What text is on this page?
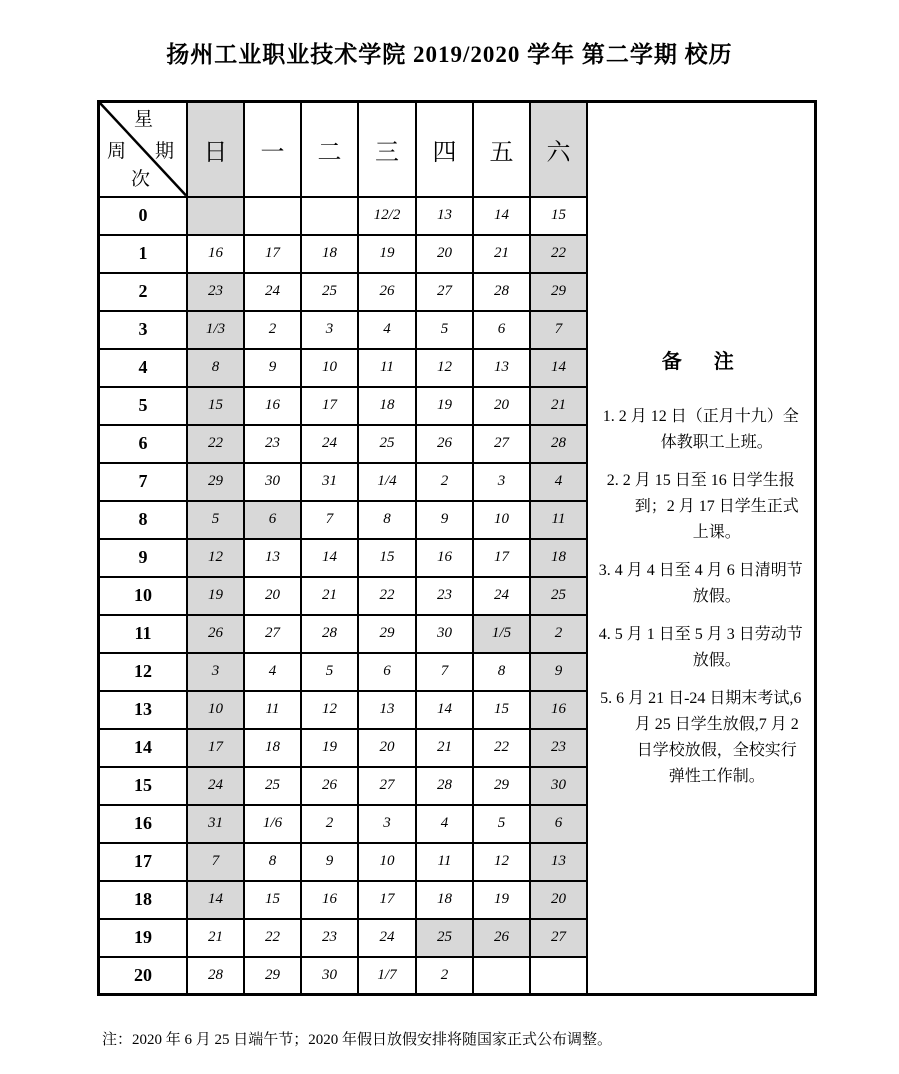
扬州工业职业技术学院 2019/2020 学年 第二学期 校历
星
期
周
次
	日	一	二	三	四	五	六	
备　注
1. 2 月 12 日（正月十九）全体教职工上班。
2. 2 月 15 日至 16 日学生报到；2 月 17 日学生正式上课。
3. 4 月 4 日至 4 月 6 日清明节放假。
4. 5 月 1 日至 5 月 3 日劳动节放假。
5. 6 月 21 日-24 日期末考试,6 月 25 日学生放假,7 月 2 日学校放假，全校实行弹性工作制。

0				12/2	13	14	15	
1	16	17	18	19	20	21	22	
2	23	24	25	26	27	28	29	
3	1/3	2	3	4	5	6	7	
4	8	9	10	11	12	13	14	
5	15	16	17	18	19	20	21	
6	22	23	24	25	26	27	28	
7	29	30	31	1/4	2	3	4	
8	5	6	7	8	9	10	11	
9	12	13	14	15	16	17	18	
10	19	20	21	22	23	24	25	
11	26	27	28	29	30	1/5	2	
12	3	4	5	6	7	8	9	
13	10	11	12	13	14	15	16	
14	17	18	19	20	21	22	23	
15	24	25	26	27	28	29	30	
16	31	1/6	2	3	4	5	6	
17	7	8	9	10	11	12	13	
18	14	15	16	17	18	19	20	
19	21	22	23	24	25	26	27	
20	28	29	30	1/7	2			
注：2020 年 6 月 25 日端午节；2020 年假日放假安排将随国家正式公布调整。
